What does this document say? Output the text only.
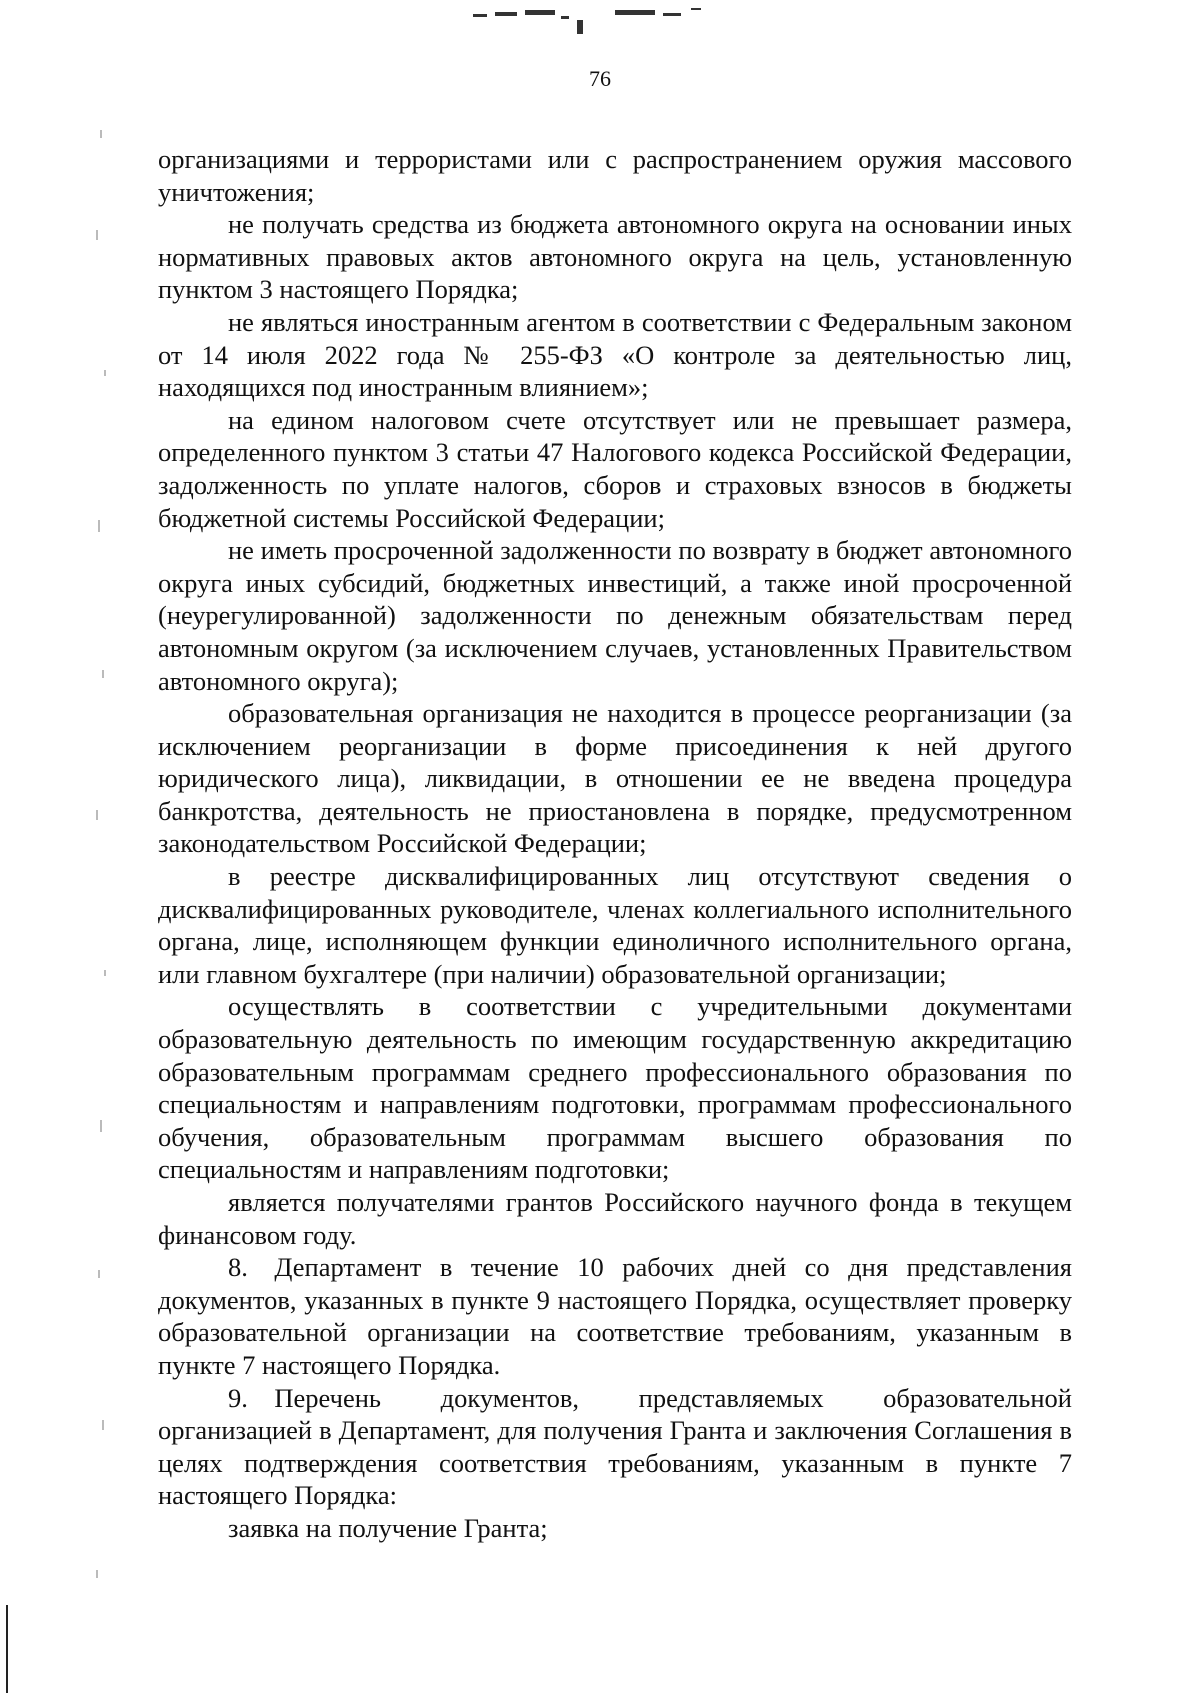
76

организациями и террористами или с распространением оружия массового уничтожения;

не получать средства из бюджета автономного округа на основании иных нормативных правовых актов автономного округа на цель, установленную пунктом 3 настоящего Порядка;

не являться иностранным агентом в соответствии с Федеральным законом от 14 июля 2022 года № 255-ФЗ «О контроле за деятельностью лиц, находящихся под иностранным влиянием»;

на едином налоговом счете отсутствует или не превышает размера, определенного пунктом 3 статьи 47 Налогового кодекса Российской Федерации, задолженность по уплате налогов, сборов и страховых взносов в бюджеты бюджетной системы Российской Федерации;

не иметь просроченной задолженности по возврату в бюджет автономного округа иных субсидий, бюджетных инвестиций, а также иной просроченной (неурегулированной) задолженности по денежным обязательствам перед автономным округом (за исключением случаев, установленных Правительством автономного округа);

образовательная организация не находится в процессе реорганизации (за исключением реорганизации в форме присоединения к ней другого юридического лица), ликвидации, в отношении ее не введена процедура банкротства, деятельность не приостановлена в порядке, предусмотренном законодательством Российской Федерации;

в реестре дисквалифицированных лиц отсутствуют сведения о дисквалифицированных руководителе, членах коллегиального исполнительного органа, лице, исполняющем функции единоличного исполнительного органа, или главном бухгалтере (при наличии) образовательной организации;

осуществлять в соответствии с учредительными документами образовательную деятельность по имеющим государственную аккредитацию образовательным программам среднего профессионального образования по специальностям и направлениям подготовки, программам профессионального обучения, образовательным программам высшего образования по специальностям и направлениям подготовки;

является получателями грантов Российского научного фонда в текущем финансовом году.

8. Департамент в течение 10 рабочих дней со дня представления документов, указанных в пункте 9 настоящего Порядка, осуществляет проверку образовательной организации на соответствие требованиям, указанным в пункте 7 настоящего Порядка.

9. Перечень документов, представляемых образовательной организацией в Департамент, для получения Гранта и заключения Соглашения в целях подтверждения соответствия требованиям, указанным в пункте 7 настоящего Порядка:

заявка на получение Гранта;
